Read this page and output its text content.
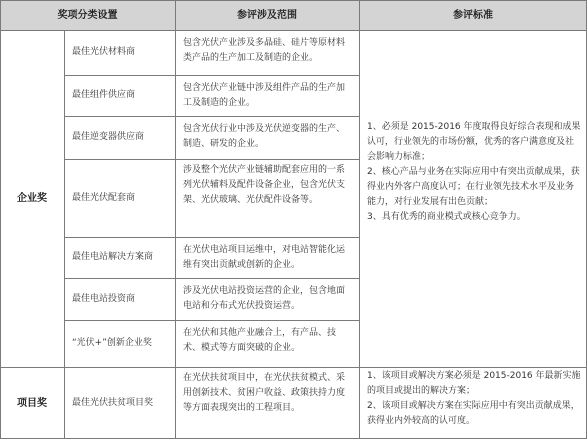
奖项分类设置	参评涉及范围	参评标准
企业奖
项目奖
最佳光伏材料商
最佳组件供应商
最佳逆变器供应商
最佳光伏配套商
最佳电站解决方案商
最佳电站投资商
“光伏+”创新企业奖
包含光伏产业涉及多晶硅、硅片等原材料类产品的生产加工及制造的企业。
包含光伏产业链中涉及组件产品的生产加工及制造的企业。
包含光伏行业中涉及光伏逆变器的生产、制造、研发的企业。
涉及整个光伏产业链辅助配套应用的一系列光伏辅料及配件设备企业，包含光伏支架、光伏玻璃、光伏配件设备等。
在光伏电站项目运维中，对电站智能化运维有突出贡献或创新的企业。
涉及光伏电站投资运营的企业，包含地面电站和分布式光伏投资运营。
在光伏和其他产业融合上，有产品、技术、模式等方面突破的企业。
1、必须是 2015-2016 年度取得良好综合表现和成果认可，行业领先的市场份额，优秀的客户满意度及社会影响力标准；
2、核心产品与业务在实际应用中有突出贡献成果，获得业内外客户高度认可；在行业领先技术水平及业务能力，对行业发展有出色贡献；
3、具有优秀的商业模式或核心竞争力。
最佳光伏扶贫项目奖
在光伏扶贫项目中，在光伏扶贫模式、采用创新技术、贫困户收益、政策扶持力度等方面表现突出的工程项目。
1、该项目或解决方案必须是 2015-2016 年最新实施的项目或提出的解决方案；
2、该项目或解决方案在实际应用中有突出贡献成果，获得业内外较高的认可度。
